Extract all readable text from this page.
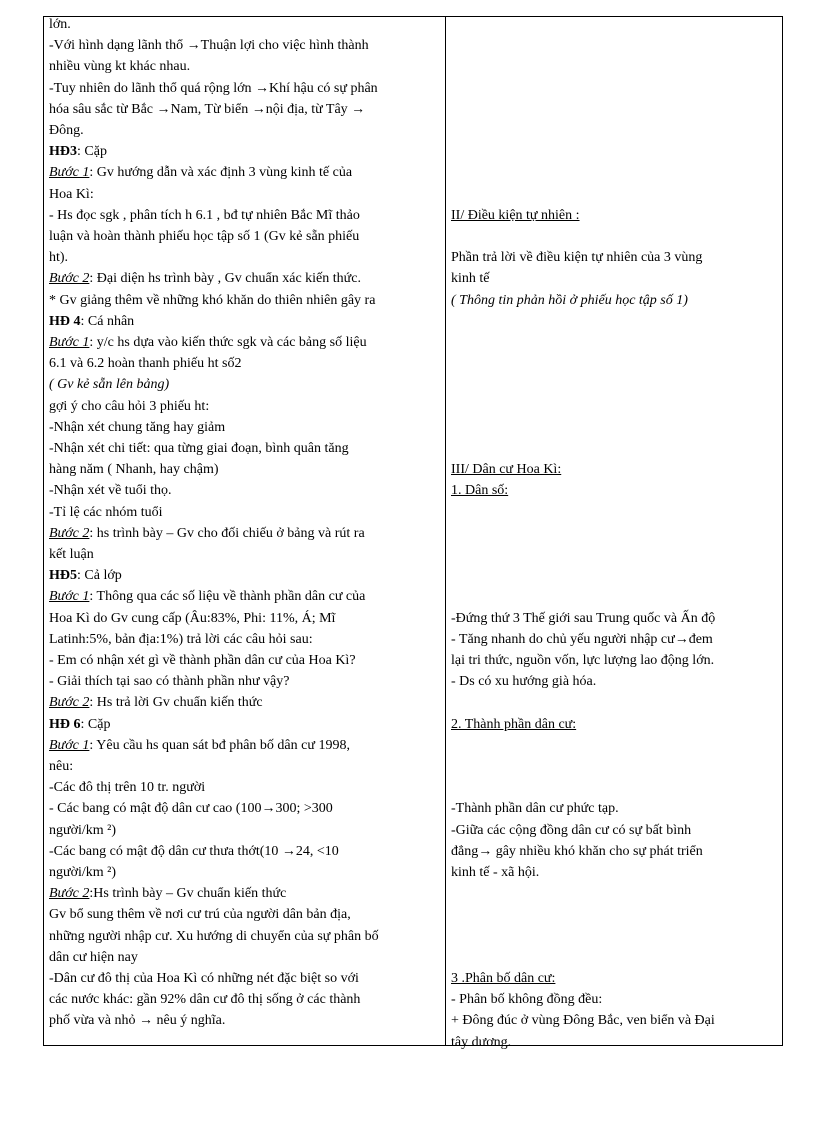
lớn.
-Với hình dạng lãnh thổ →Thuận lợi cho việc hình thành
nhiều vùng kt khác nhau.
-Tuy nhiên do lãnh thổ quá rộng lớn →Khí hậu có sự phân
hóa sâu sắc từ Bắc →Nam, Từ biển →nội địa, từ Tây →
Đông.
HĐ3: Cặp
Bước 1: Gv hướng dẫn và xác định 3 vùng kinh tế của
Hoa Kì:
- Hs đọc sgk , phân tích h 6.1 , bđ tự nhiên Bắc Mĩ thảo
luận và hoàn thành phiếu học tập số 1 (Gv kẻ sẵn phiếu
ht).
Bước 2: Đại diện hs trình bày , Gv chuẩn xác kiến thức.
* Gv giảng thêm về những khó khăn do thiên nhiên gây ra
HĐ 4: Cá nhân
Bước 1: y/c hs dựa vào kiến thức sgk và các bảng số liệu
6.1 và 6.2 hoàn thanh phiếu ht số2
( Gv kẻ sẵn lên bảng)
gợi ý cho câu hỏi 3 phiếu ht:
-Nhận xét chung tăng hay giảm
-Nhận xét chi tiết: qua từng giai đoạn, bình quân tăng
hàng năm ( Nhanh, hay chậm)
-Nhận xét về tuổi thọ.
-Tỉ lệ các nhóm tuổi
Bước 2: hs trình bày – Gv cho đối chiếu ở bảng và rút ra
kết luận
HĐ5: Cả lớp
Bước 1: Thông qua các số liệu về thành phần dân cư của
Hoa Kì do Gv cung cấp (Âu:83%, Phi: 11%, Á; Mĩ
Latinh:5%, bản địa:1%) trả lời các câu hỏi sau:
- Em có nhận xét gì về thành phần dân cư của Hoa Kì?
- Giải thích tại sao có thành phần như vậy?
Bước 2: Hs trả lời Gv chuẩn kiến thức
HĐ 6: Cặp
Bước 1: Yêu cầu hs quan sát bđ phân bố dân cư 1998,
nêu:
-Các đô thị trên 10 tr. người
- Các bang có mật độ dân cư cao (100→300; >300
người/km ²)
-Các bang có mật độ dân cư thưa thớt(10 →24, <10
người/km ²)
Bước 2:Hs trình bày – Gv chuẩn kiến thức
Gv bổ sung thêm về nơi cư trú của người dân bản địa,
những người nhập cư. Xu hướng di chuyển của sự phân bố
dân cư hiện nay
-Dân cư đô thị của Hoa Kì có những nét đặc biệt so với
các nước khác: gần 92% dân cư đô thị sống ở các thành
phố vừa và nhỏ → nêu ý nghĩa.
II/ Điều kiện tự nhiên :
Phần trả lời về điều kiện tự nhiên của 3 vùng
kinh tế
( Thông tin phản hồi ở phiếu học tập số 1)
III/ Dân cư Hoa Kì:
1. Dân số:
-Đứng thứ 3 Thế giới sau Trung quốc và Ấn độ
- Tăng nhanh do chủ yếu người nhập cư→đem
lại tri thức, nguồn vốn, lực lượng lao động lớn.
- Ds có xu hướng già hóa.
2. Thành phần dân cư:
-Thành phần dân cư phức tạp.
-Giữa các cộng đồng dân cư có sự bất bình
đẳng→ gây nhiều khó khăn cho sự phát triển
kinh tế - xã hội.
3 .Phân bố dân cư:
- Phân bố không đồng đều:
+ Đông đúc ở vùng Đông Bắc, ven biển và Đại
tây dương.
